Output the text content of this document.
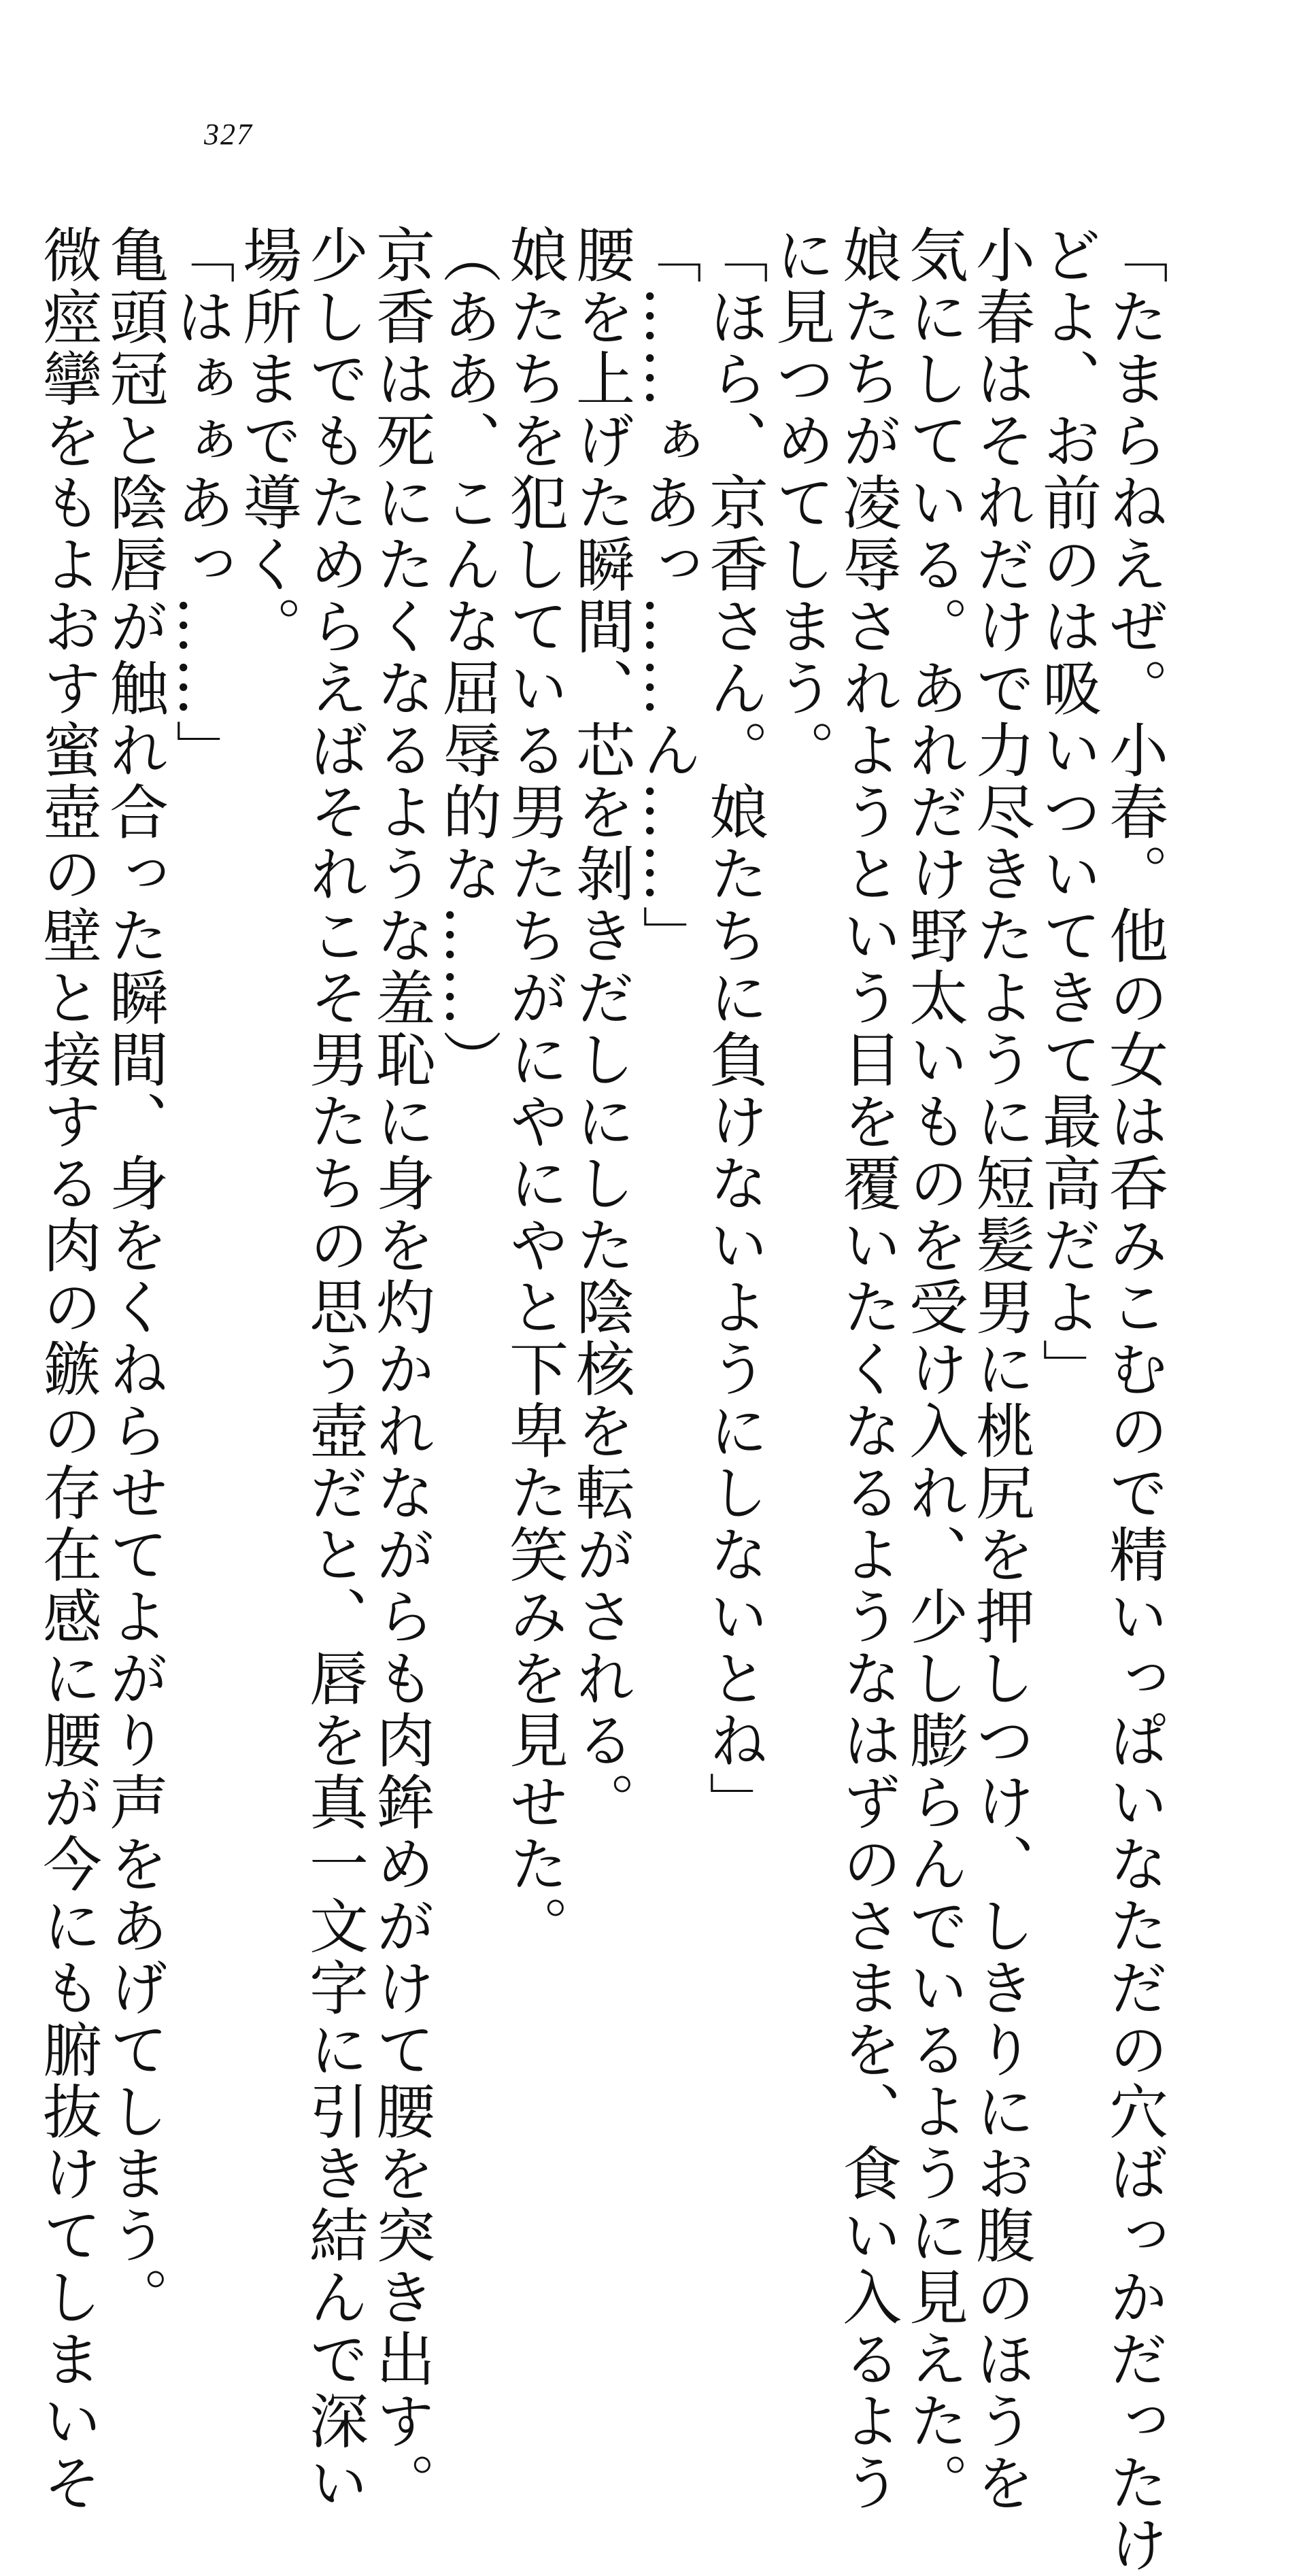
327
「たまらねえぜ。小春。他の女は呑みこむので精いっぱいなただの穴ばっかだったけ
どよ、お前のは吸いついてきて最高だよ」
小春はそれだけで力尽きたように短髪男に桃尻を押しつけ、しきりにお腹のほうを
気にしている。あれだけ野太いものを受け入れ、少し膨らんでいるように見えた。
娘たちが凌辱されようという目を覆いたくなるようなはずのさまを、食い入るよう
に見つめてしまう。
「ほら、京香さん。娘たちに負けないようにしないとね」
「……ぁあっ……ん……」
腰を上げた瞬間、芯を剝きだしにした陰核を転がされる。
娘たちを犯している男たちがにやにやと下卑た笑みを見せた。
（ああ、こんな屈辱的な……）
京香は死にたくなるような羞恥に身を灼かれながらも肉鉾めがけて腰を突き出す。
少しでもためらえばそれこそ男たちの思う壺だと、唇を真一文字に引き結んで深い
場所まで導く。
「はぁぁあっ……」
亀頭冠と陰唇が触れ合った瞬間、身をくねらせてよがり声をあげてしまう。
微痙攣をもよおす蜜壺の壁と接する肉の鏃の存在感に腰が今にも腑抜けてしまいそ
